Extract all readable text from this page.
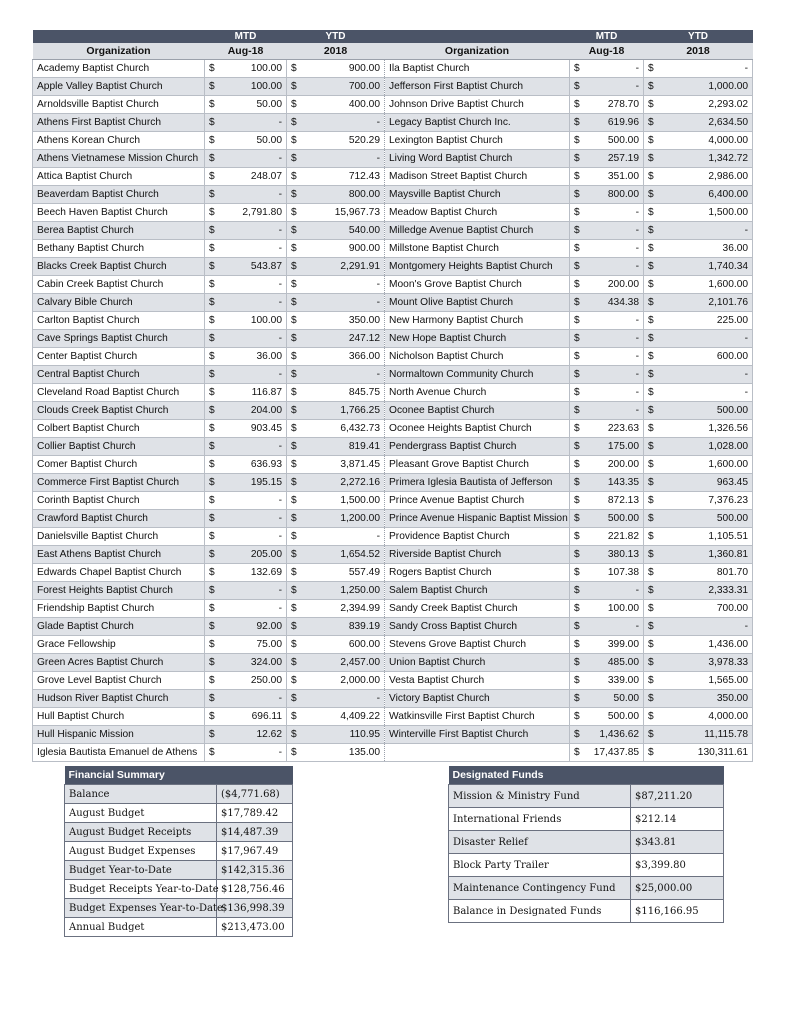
	MTD		YTD			MTD		YTD	
Organization	Aug-18		2018		Organization	Aug-18		2018	
Academy Baptist Church	$	100.00	$	900.00	Ila Baptist Church	$	-	$	-
Apple Valley Baptist Church	$	100.00	$	700.00	Jefferson First Baptist Church	$	-	$	1,000.00
Arnoldsville Baptist Church	$	50.00	$	400.00	Johnson Drive Baptist Church	$	278.70	$	2,293.02
Athens First Baptist Church	$	-	$	-	Legacy Baptist Church Inc.	$	619.96	$	2,634.50
Athens Korean Church	$	50.00	$	520.29	Lexington Baptist Church	$	500.00	$	4,000.00
Athens Vietnamese Mission Church	$	-	$	-	Living Word Baptist Church	$	257.19	$	1,342.72
Attica Baptist Church	$	248.07	$	712.43	Madison Street Baptist Church	$	351.00	$	2,986.00
Beaverdam Baptist Church	$	-	$	800.00	Maysville Baptist Church	$	800.00	$	6,400.00
Beech Haven Baptist Church	$	2,791.80	$	15,967.73	Meadow Baptist Church	$	-	$	1,500.00
Berea Baptist Church	$	-	$	540.00	Milledge Avenue Baptist Church	$	-	$	-
Bethany Baptist Church	$	-	$	900.00	Millstone Baptist Church	$	-	$	36.00
Blacks Creek Baptist Church	$	543.87	$	2,291.91	Montgomery Heights Baptist Church	$	-	$	1,740.34
Cabin Creek Baptist Church	$	-	$	-	Moon's Grove Baptist Church	$	200.00	$	1,600.00
Calvary Bible Church	$	-	$	-	Mount Olive Baptist Church	$	434.38	$	2,101.76
Carlton Baptist Church	$	100.00	$	350.00	New Harmony Baptist Church	$	-	$	225.00
Cave Springs Baptist Church	$	-	$	247.12	New Hope Baptist Church	$	-	$	-
Center Baptist Church	$	36.00	$	366.00	Nicholson Baptist Church	$	-	$	600.00
Central Baptist Church	$	-	$	-	Normaltown Community Church	$	-	$	-
Cleveland Road Baptist Church	$	116.87	$	845.75	North Avenue Church	$	-	$	-
Clouds Creek Baptist Church	$	204.00	$	1,766.25	Oconee Baptist Church	$	-	$	500.00
Colbert Baptist Church	$	903.45	$	6,432.73	Oconee Heights Baptist Church	$	223.63	$	1,326.56
Collier Baptist Church	$	-	$	819.41	Pendergrass Baptist Church	$	175.00	$	1,028.00
Comer Baptist Church	$	636.93	$	3,871.45	Pleasant Grove Baptist Church	$	200.00	$	1,600.00
Commerce First Baptist Church	$	195.15	$	2,272.16	Primera Iglesia Bautista of Jefferson	$	143.35	$	963.45
Corinth Baptist Church	$	-	$	1,500.00	Prince Avenue Baptist Church	$	872.13	$	7,376.23
Crawford Baptist Church	$	-	$	1,200.00	Prince Avenue Hispanic Baptist Mission	$	500.00	$	500.00
Danielsville Baptist Church	$	-	$	-	Providence Baptist Church	$	221.82	$	1,105.51
East Athens Baptist Church	$	205.00	$	1,654.52	Riverside Baptist Church	$	380.13	$	1,360.81
Edwards Chapel Baptist Church	$	132.69	$	557.49	Rogers Baptist Church	$	107.38	$	801.70
Forest Heights Baptist Church	$	-	$	1,250.00	Salem Baptist Church	$	-	$	2,333.31
Friendship Baptist Church	$	-	$	2,394.99	Sandy Creek Baptist Church	$	100.00	$	700.00
Glade Baptist Church	$	92.00	$	839.19	Sandy Cross Baptist Church	$	-	$	-
Grace Fellowship	$	75.00	$	600.00	Stevens Grove Baptist Church	$	399.00	$	1,436.00
Green Acres Baptist Church	$	324.00	$	2,457.00	Union Baptist Church	$	485.00	$	3,978.33
Grove Level Baptist Church	$	250.00	$	2,000.00	Vesta Baptist Church	$	339.00	$	1,565.00
Hudson River Baptist Church	$	-	$	-	Victory Baptist Church	$	50.00	$	350.00
Hull Baptist Church	$	696.11	$	4,409.22	Watkinsville First Baptist Church	$	500.00	$	4,000.00
Hull Hispanic Mission	$	12.62	$	110.95	Winterville First Baptist Church	$	1,436.62	$	11,115.78
Iglesia Bautista Emanuel de Athens	$	-	$	135.00		$	17,437.85	$	130,311.61
Financial Summary	
Balance	($4,771.68)
August Budget	$17,789.42
August Budget Receipts	$14,487.39
August Budget Expenses	$17,967.49
Budget Year-to-Date	$142,315.36
Budget Receipts Year-to-Date	$128,756.46
Budget Expenses Year-to-Date	$136,998.39
Annual Budget	$213,473.00
Designated Funds	
Mission & Ministry Fund	$87,211.20
International Friends	$212.14
Disaster Relief	$343.81
Block Party Trailer	$3,399.80
Maintenance Contingency Fund	$25,000.00
Balance in Designated Funds	$116,166.95
